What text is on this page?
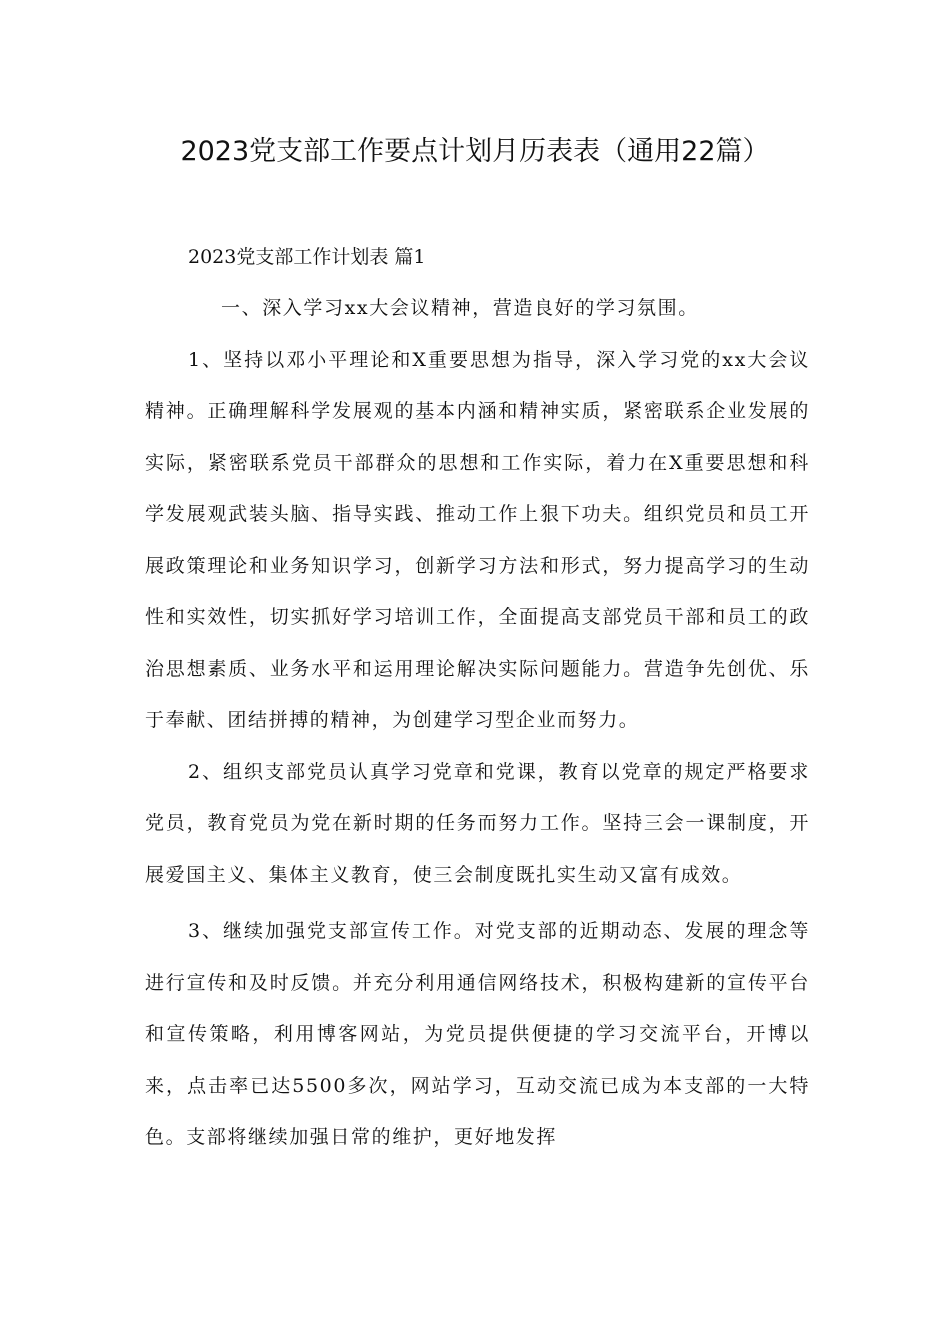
2023党支部工作要点计划月历表表（通用22篇）

2023党支部工作计划表 篇1

一、深入学习xx大会议精神，营造良好的学习氛围。

1、坚持以邓小平理论和X重要思想为指导，深入学习党的xx大会议精神。正确理解科学发展观的基本内涵和精神实质，紧密联系企业发展的实际，紧密联系党员干部群众的思想和工作实际，着力在X重要思想和科学发展观武装头脑、指导实践、推动工作上狠下功夫。组织党员和员工开展政策理论和业务知识学习，创新学习方法和形式，努力提高学习的生动性和实效性，切实抓好学习培训工作，全面提高支部党员干部和员工的政治思想素质、业务水平和运用理论解决实际问题能力。营造争先创优、乐于奉献、团结拼搏的精神，为创建学习型企业而努力。

2、组织支部党员认真学习党章和党课，教育以党章的规定严格要求党员，教育党员为党在新时期的任务而努力工作。坚持三会一课制度，开展爱国主义、集体主义教育，使三会制度既扎实生动又富有成效。

3、继续加强党支部宣传工作。对党支部的近期动态、发展的理念等进行宣传和及时反馈。并充分利用通信网络技术，积极构建新的宣传平台和宣传策略，利用博客网站，为党员提供便捷的学习交流平台，开博以来，点击率已达5500多次，网站学习，互动交流已成为本支部的一大特色。支部将继续加强日常的维护，更好地发挥
